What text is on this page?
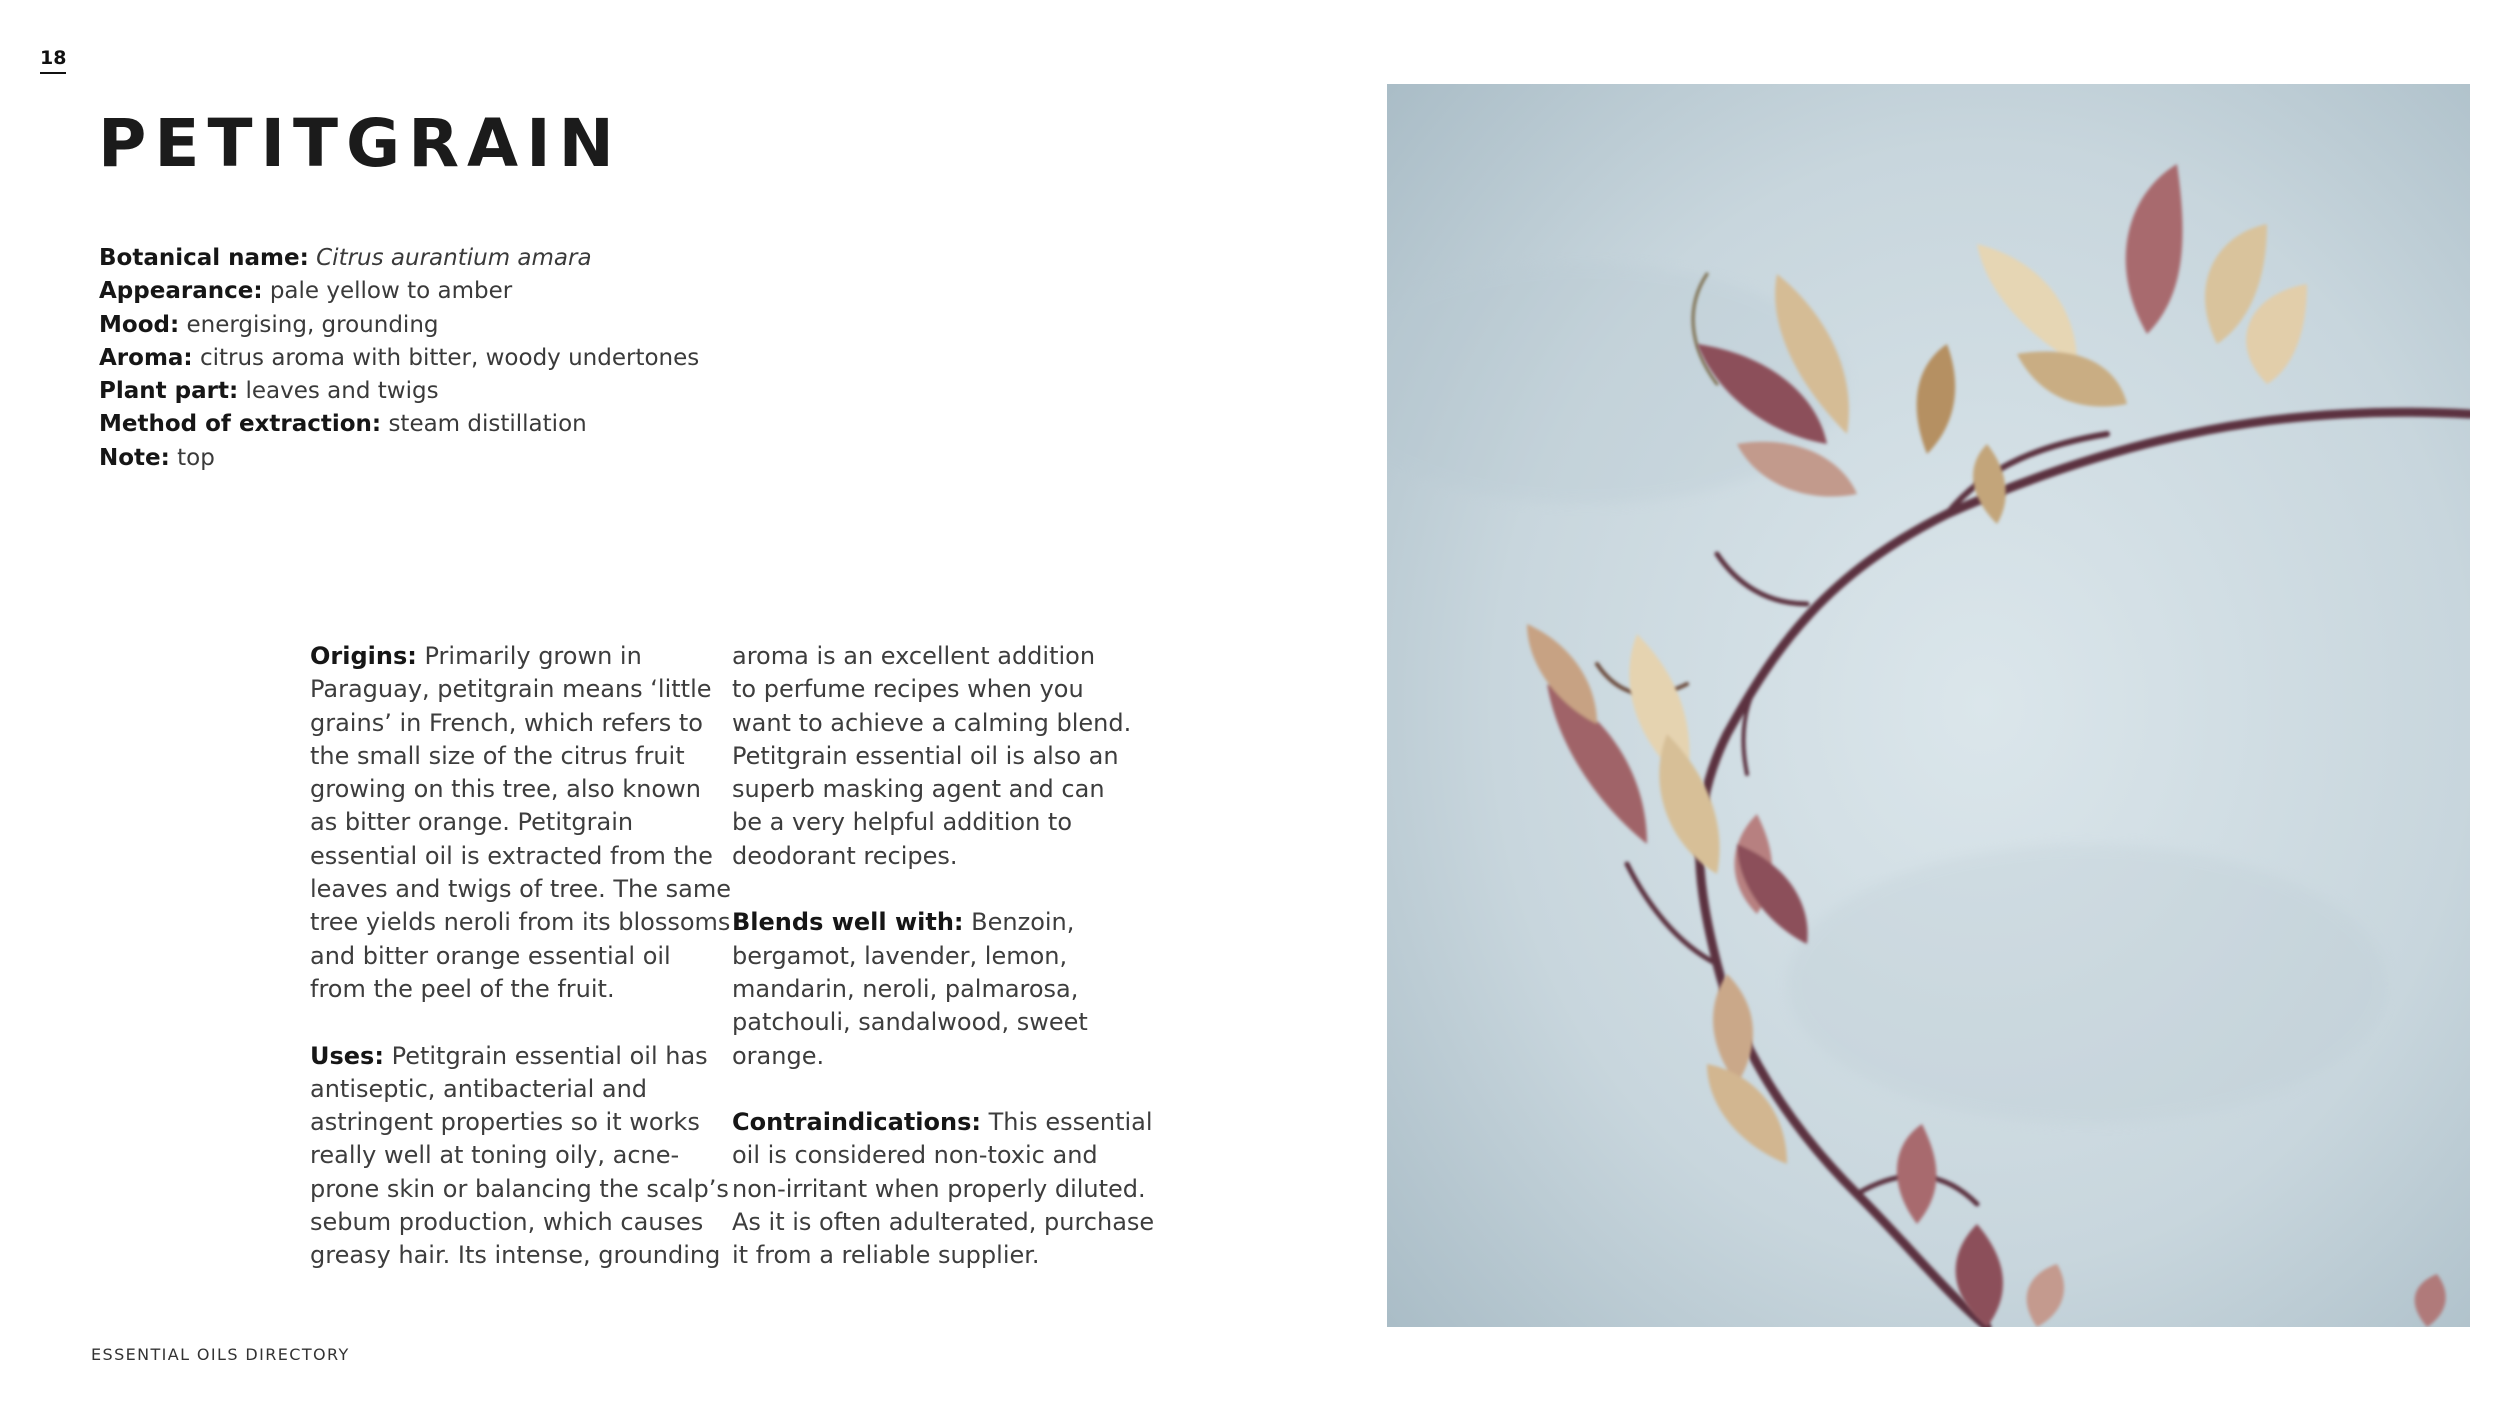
18
PETITGRAIN
Botanical name: Citrus aurantium amara
Appearance: pale yellow to amber
Mood: energising, grounding
Aroma: citrus aroma with bitter, woody undertones
Plant part: leaves and twigs
Method of extraction: steam distillation
Note: top
Origins: Primarily grown in
Paraguay, petitgrain means ‘little
grains’ in French, which refers to
the small size of the citrus fruit
growing on this tree, also known
as bitter orange. Petitgrain
essential oil is extracted from the
leaves and twigs of tree. The same
tree yields neroli from its blossoms
and bitter orange essential oil
from the peel of the fruit.
Uses: Petitgrain essential oil has
antiseptic, antibacterial and
astringent properties so it works
really well at toning oily, acne-
prone skin or balancing the scalp’s
sebum production, which causes
greasy hair. Its intense, grounding
aroma is an excellent addition
to perfume recipes when you
want to achieve a calming blend.
Petitgrain essential oil is also an
superb masking agent and can
be a very helpful addition to
deodorant recipes.
Blends well with: Benzoin,
bergamot, lavender, lemon,
mandarin, neroli, palmarosa,
patchouli, sandalwood, sweet
orange.
Contraindications: This essential
oil is considered non-toxic and
non-irritant when properly diluted.
As it is often adulterated, purchase
it from a reliable supplier.
ESSENTIAL OILS DIRECTORY
